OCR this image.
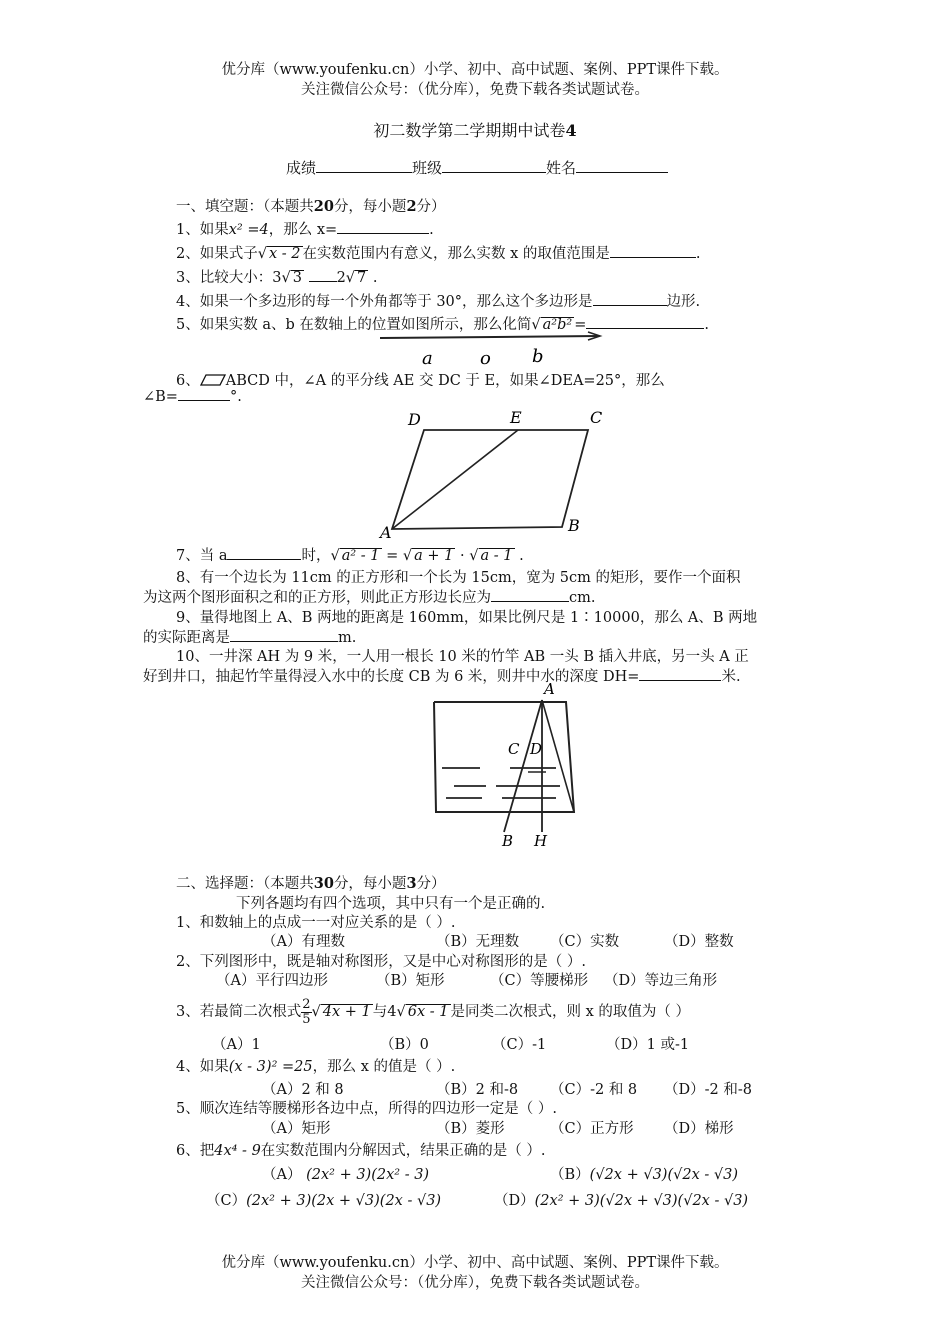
优分库（www.youfenku.cn）小学、初中、高中试题、案例、PPT课件下载。
关注微信公众号：（优分库），免费下载各类试题试卷。
初二数学第二学期期中试卷4
成绩	班级	姓名
一、填空题：（本题共20分，每小题2分）
1、如果x² =4，那么 x=	.
2、如果式子√ x - 2 在实数范围内有意义，那么实数 x 的取值范围是	.
3、比较大小：3√ 3 2√ 7 .
4、如果一个多边形的每一个外角都等于 30°，那么这个多边形是	边形.
5、如果实数 a、b 在数轴上的位置如图所示，那么化简√ a²b² =	.
a	o b
6、 ABCD 中，∠A 的平分线 AE 交 DC 于 E，如果∠DEA=25°，那么
∠B=	°.
D	E	C
A	B
7、当 a	时，√ a² - 1 = √ a + 1 · √ a - 1 .
8、有一个边长为 11cm 的正方形和一个长为 15cm，宽为 5cm 的矩形，要作一个面积
为这两个图形面积之和的正方形，则此正方形边长应为	cm.
9、量得地图上 A、B 两地的距离是 160mm，如果比例尺是 1∶10000，那么 A、B 两地
的实际距离是	m.
10、一井深 AH 为 9 米，一人用一根长 10 米的竹竿 AB 一头 B 插入井底，另一头 A 正
好到井口，抽起竹竿量得浸入水中的长度 CB 为 6 米，则井中水的深度 DH=	米.
A
C D
B H
二、选择题：（本题共30分，每小题3分）
下列各题均有四个选项，其中只有一个是正确的.
1、和数轴上的点成一一对应关系的是（ ）.
（A）有理数	（B）无理数 （C）实数	（D）整数
2、下列图形中，既是轴对称图形，又是中心对称图形的是（ ）.
（A）平行四边形	（B）矩形	（C）等腰梯形 （D）等边三角形
3、若最简二次根式 $\frac{2}{5}$ √ 4x + 1 与4√ 6x - 1 是同类二次根式，则 x 的取值为（ ）
（A）1	（B）0	（C）-1	（D）1 或-1
4、如果(x - 3)² =25，那么 x 的值是（ ）.
（A）2 和 8	（B）2 和-8 （C）-2 和 8 （D）-2 和-8
5、顺次连结等腰梯形各边中点，所得的四边形一定是（ ）.
（A）矩形	（B）菱形	（C）正方形 （D）梯形
6、把4x⁴ - 9在实数范围内分解因式，结果正确的是（ ）.
（A） (2x² + 3)(2x² - 3)	（B）(√2x + √3)(√2x - √3)
（C）(2x² + 3)(2x + √3)(2x - √3)	（D）(2x² + 3)(√2x + √3)(√2x - √3)
优分库（www.youfenku.cn）小学、初中、高中试题、案例、PPT课件下载。
关注微信公众号：（优分库），免费下载各类试题试卷。
